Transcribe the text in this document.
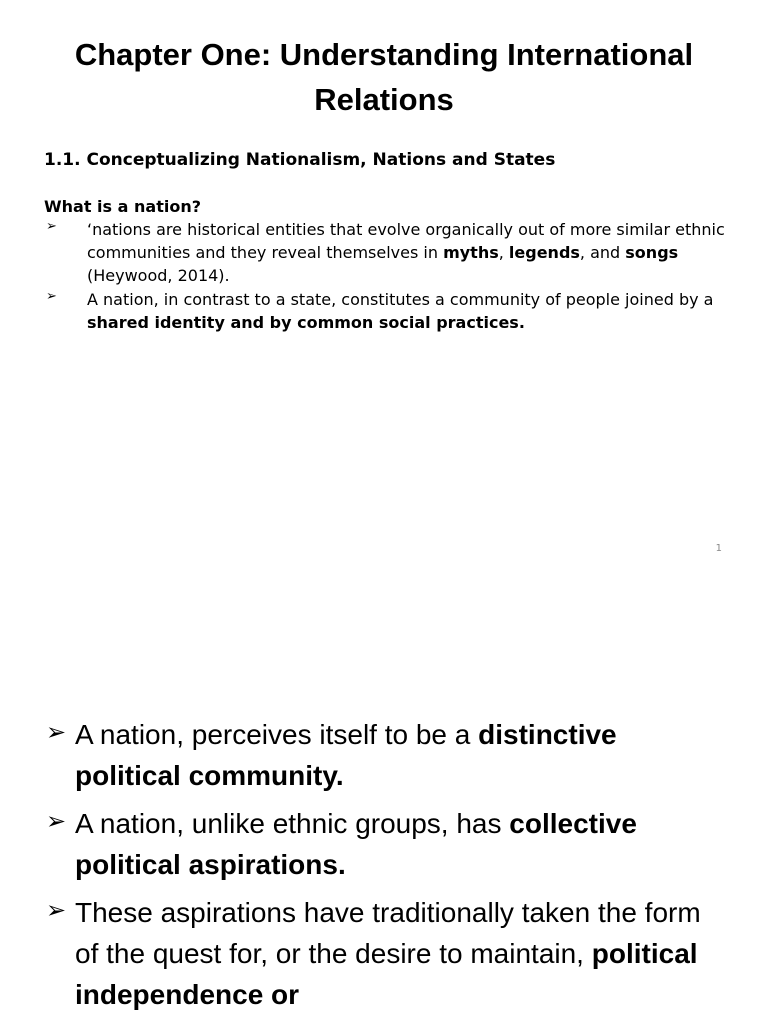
Chapter One: Understanding International Relations

1.1. Conceptualizing Nationalism, Nations and States

What is a nation?

➢ ‘nations are historical entities that evolve organically out of more similar ethnic communities and they reveal themselves in myths, legends, and songs (Heywood, 2014).
➢ A nation, in contrast to a state, constitutes a community of people joined by a shared identity and by common social practices.
1
➢ A nation, perceives itself to be a distinctive political community.
➢ A nation, unlike ethnic groups, has collective political aspirations.
➢ These aspirations have traditionally taken the form of the quest for, or the desire to maintain, political independence or
